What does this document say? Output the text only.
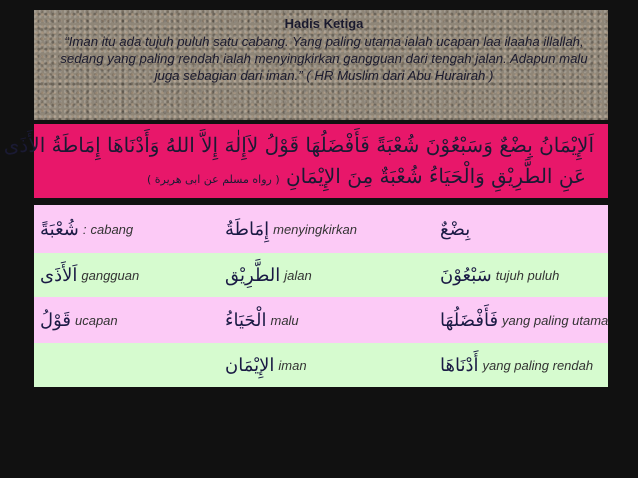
Hadis Ketiga
“Iman itu ada tujuh puluh satu cabang. Yang paling utama ialah ucapan laa ilaaha illallah, sedang yang paling rendah ialah menyingkirkan gangguan dari tengah jalan. Adapun malu juga sebagian dari iman.” ( HR Muslim dari Abu Hurairah )
اَلإِيْمَانُ بِضْعٌ وَسَبْعُوْنَ شُعْبَةً فَأَفْضَلُهَا قَوْلُ لاَإِلٰهَ إِلاَّ اللهُ وَأَدْنَاهَا إِمَاطَةُ الأَذَى
عَنِ الطَّرِيْقِ وَالْحَيَاءُ شُعْبَةٌ مِنَ الإِيْمَانِ ( رواه مسلم عن ابى هريرة )
شُعْبَةً : cabang	إِمَاطَةُ menyingkirkan	بِضْعٌ

اَلأَذَى gangguan	الطَّرِيْق jalan	سَبْعُوْنَ tujuh puluh

قَوْلُ ucapan	الْحَيَاءُ malu	فَأَفْضَلُهَا yang paling utama

	الإِيْمَان iman	أَدْنَاهَا yang paling rendah
